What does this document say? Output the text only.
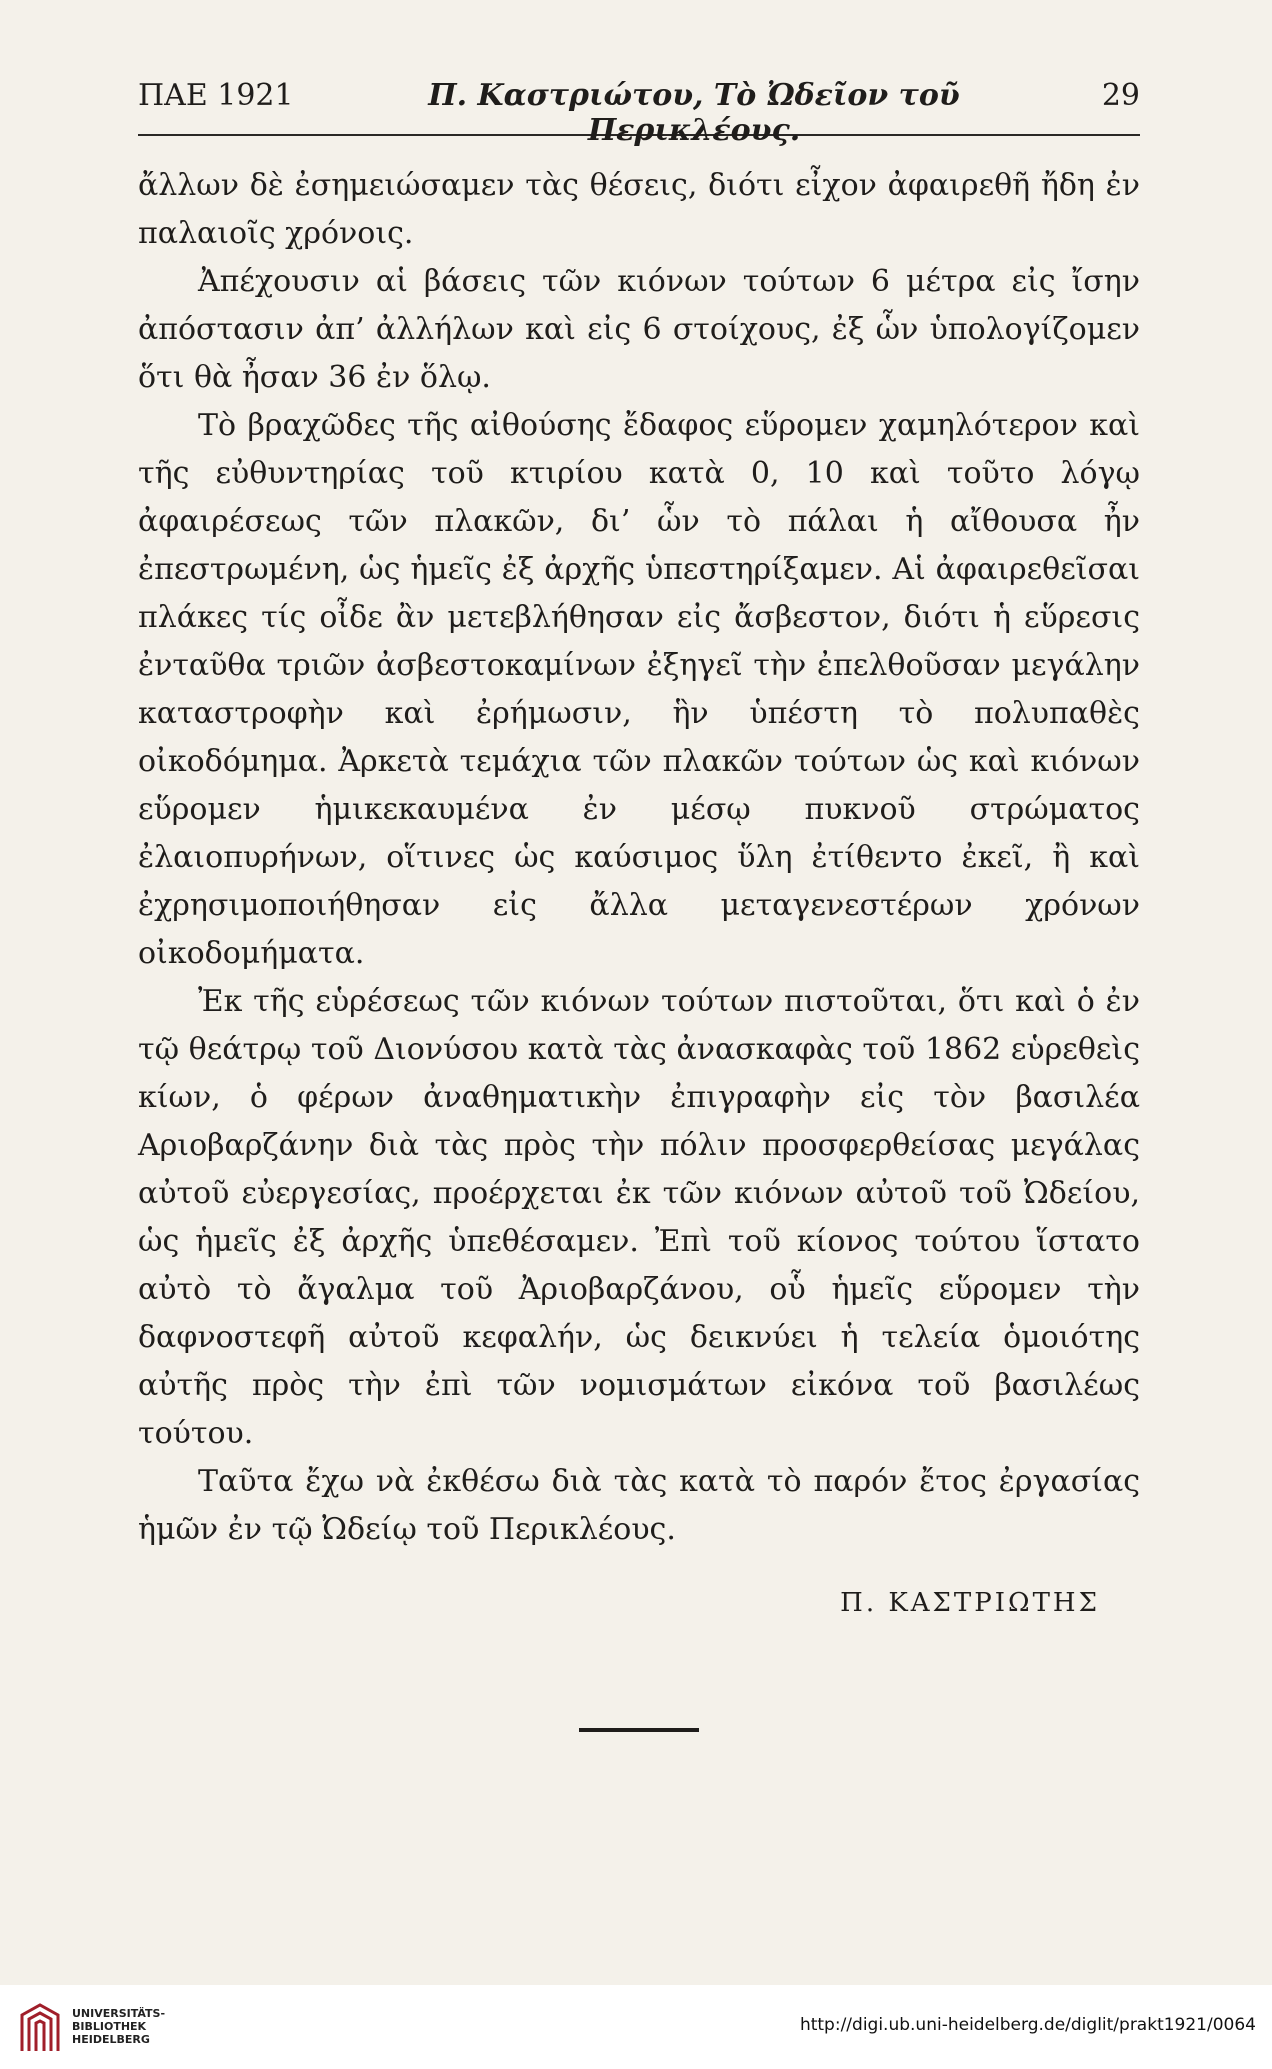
ΠΑΕ 1921	Π. Καστριώτου, Τὸ Ὠδεῖον τοῦ Περικλέους.
29

ἄλλων δὲ ἐσημειώσαμεν τὰς θέσεις, διότι εἶχον ἀφαιρεθῆ ἤδη ἐν παλαιοῖς χρόνοις.

Ἀπέχουσιν αἱ βάσεις τῶν κιόνων τούτων 6 μέτρα εἰς ἴσην ἀπόστασιν ἀπ’ ἀλλήλων καὶ εἰς 6 στοίχους, ἐξ ὧν ὑπολογίζομεν ὅτι θὰ ἦσαν 36 ἐν ὅλῳ.

Τὸ βραχῶδες τῆς αἰθούσης ἔδαφος εὕρομεν χαμηλότερον καὶ τῆς εὐθυντηρίας τοῦ κτιρίου κατὰ 0, 10 καὶ τοῦτο λόγῳ ἀφαιρέσεως τῶν πλακῶν, δι’ ὧν τὸ πάλαι ἡ αἴθουσα ἦν ἐπεστρωμένη, ὡς ἡμεῖς ἐξ ἀρχῆς ὑπεστηρίξαμεν. Αἱ ἀφαιρεθεῖσαι πλάκες τίς οἶδε ἂν μετεβλήθησαν εἰς ἄσβεστον, διότι ἡ εὕρεσις ἐνταῦθα τριῶν ἀσβεστοκαμίνων ἐξηγεῖ τὴν ἐπελθοῦσαν μεγάλην καταστροφὴν καὶ ἐρήμωσιν, ἣν ὑπέστη τὸ πολυπαθὲς οἰκοδόμημα. Ἀρκετὰ τεμάχια τῶν πλακῶν τούτων ὡς καὶ κιόνων εὕρομεν ἡμικεκαυμένα ἐν μέσῳ πυκνοῦ στρώματος ἐλαιοπυρήνων, οἵτινες ὡς καύσιμος ὕλη ἐτίθεντο ἐκεῖ, ἢ καὶ ἐχρησιμοποιήθησαν εἰς ἄλλα μεταγενεστέρων χρόνων οἰκοδομήματα.

Ἐκ τῆς εὑρέσεως τῶν κιόνων τούτων πιστοῦται, ὅτι καὶ ὁ ἐν τῷ θεάτρῳ τοῦ Διονύσου κατὰ τὰς ἀνασκαφὰς τοῦ 1862 εὑρεθεὶς κίων, ὁ φέρων ἀναθηματικὴν ἐπιγραφὴν εἰς τὸν βασιλέα Αριοβαρζάνην διὰ τὰς πρὸς τὴν πόλιν προσφερθείσας μεγάλας αὐτοῦ εὐεργεσίας, προέρχεται ἐκ τῶν κιόνων αὐτοῦ τοῦ Ὠδείου, ὡς ἡμεῖς ἐξ ἀρχῆς ὑπεθέσαμεν. Ἐπὶ τοῦ κίονος τούτου ἵστατο αὐτὸ τὸ ἄγαλμα τοῦ Ἀριοβαρζάνου, οὗ ἡμεῖς εὕρομεν τὴν δαφνοστεφῆ αὐτοῦ κεφαλήν, ὡς δεικνύει ἡ τελεία ὁμοιότης αὐτῆς πρὸς τὴν ἐπὶ τῶν νομισμάτων εἰκόνα τοῦ βασιλέως τούτου.

Ταῦτα ἔχω νὰ ἐκθέσω διὰ τὰς κατὰ τὸ παρόν ἔτος ἐργασίας ἡμῶν ἐν τῷ Ὠδείῳ τοῦ Περικλέους.

Π. ΚΑΣΤΡΙΩΤΗΣ
UNIVERSITÄTS-
BIBLIOTHEK
HEIDELBERG
http://digi.ub.uni-heidelberg.de/diglit/prakt1921/0064
